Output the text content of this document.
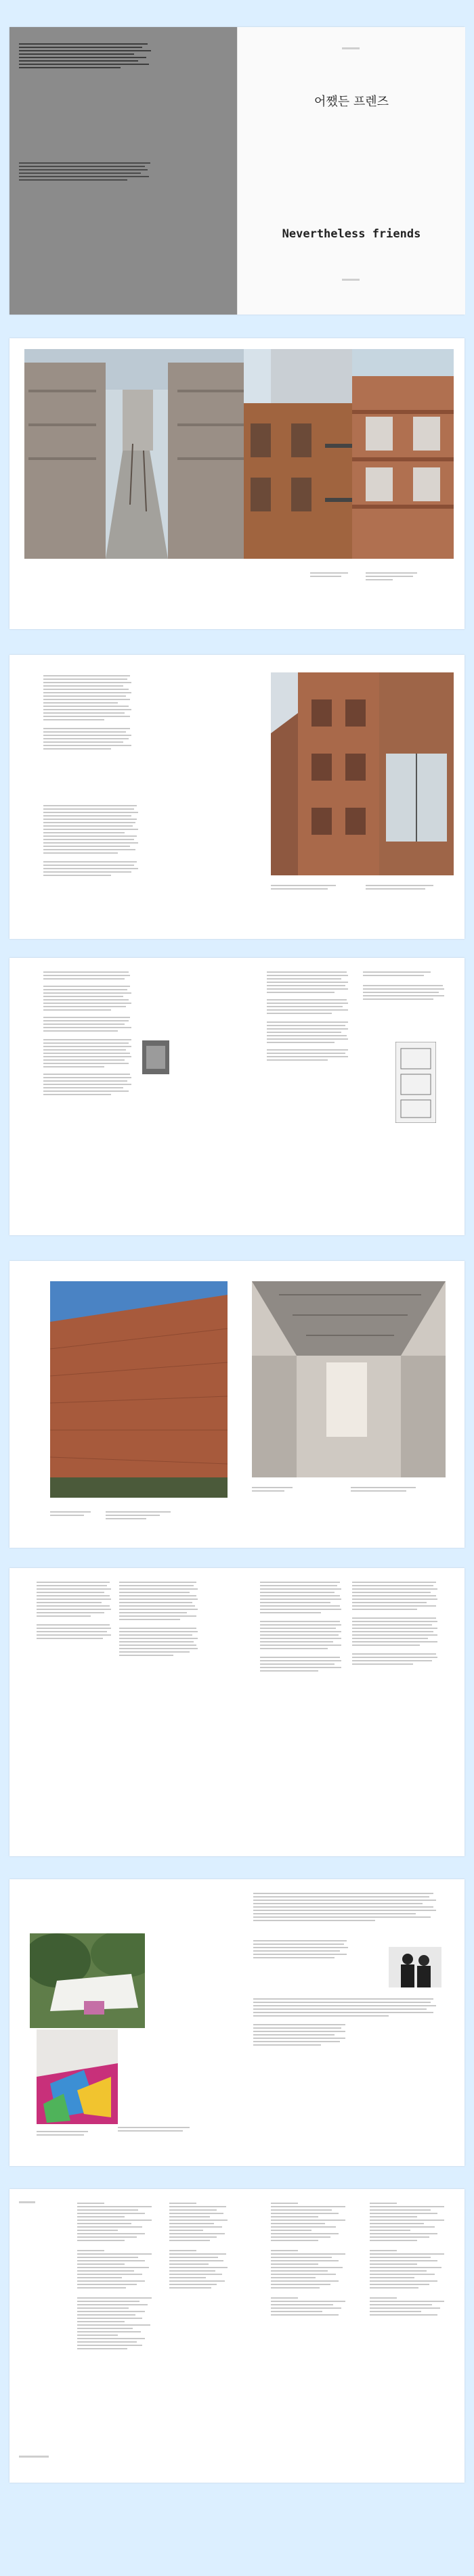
어쨌든 프렌즈
Nevertheless friends
